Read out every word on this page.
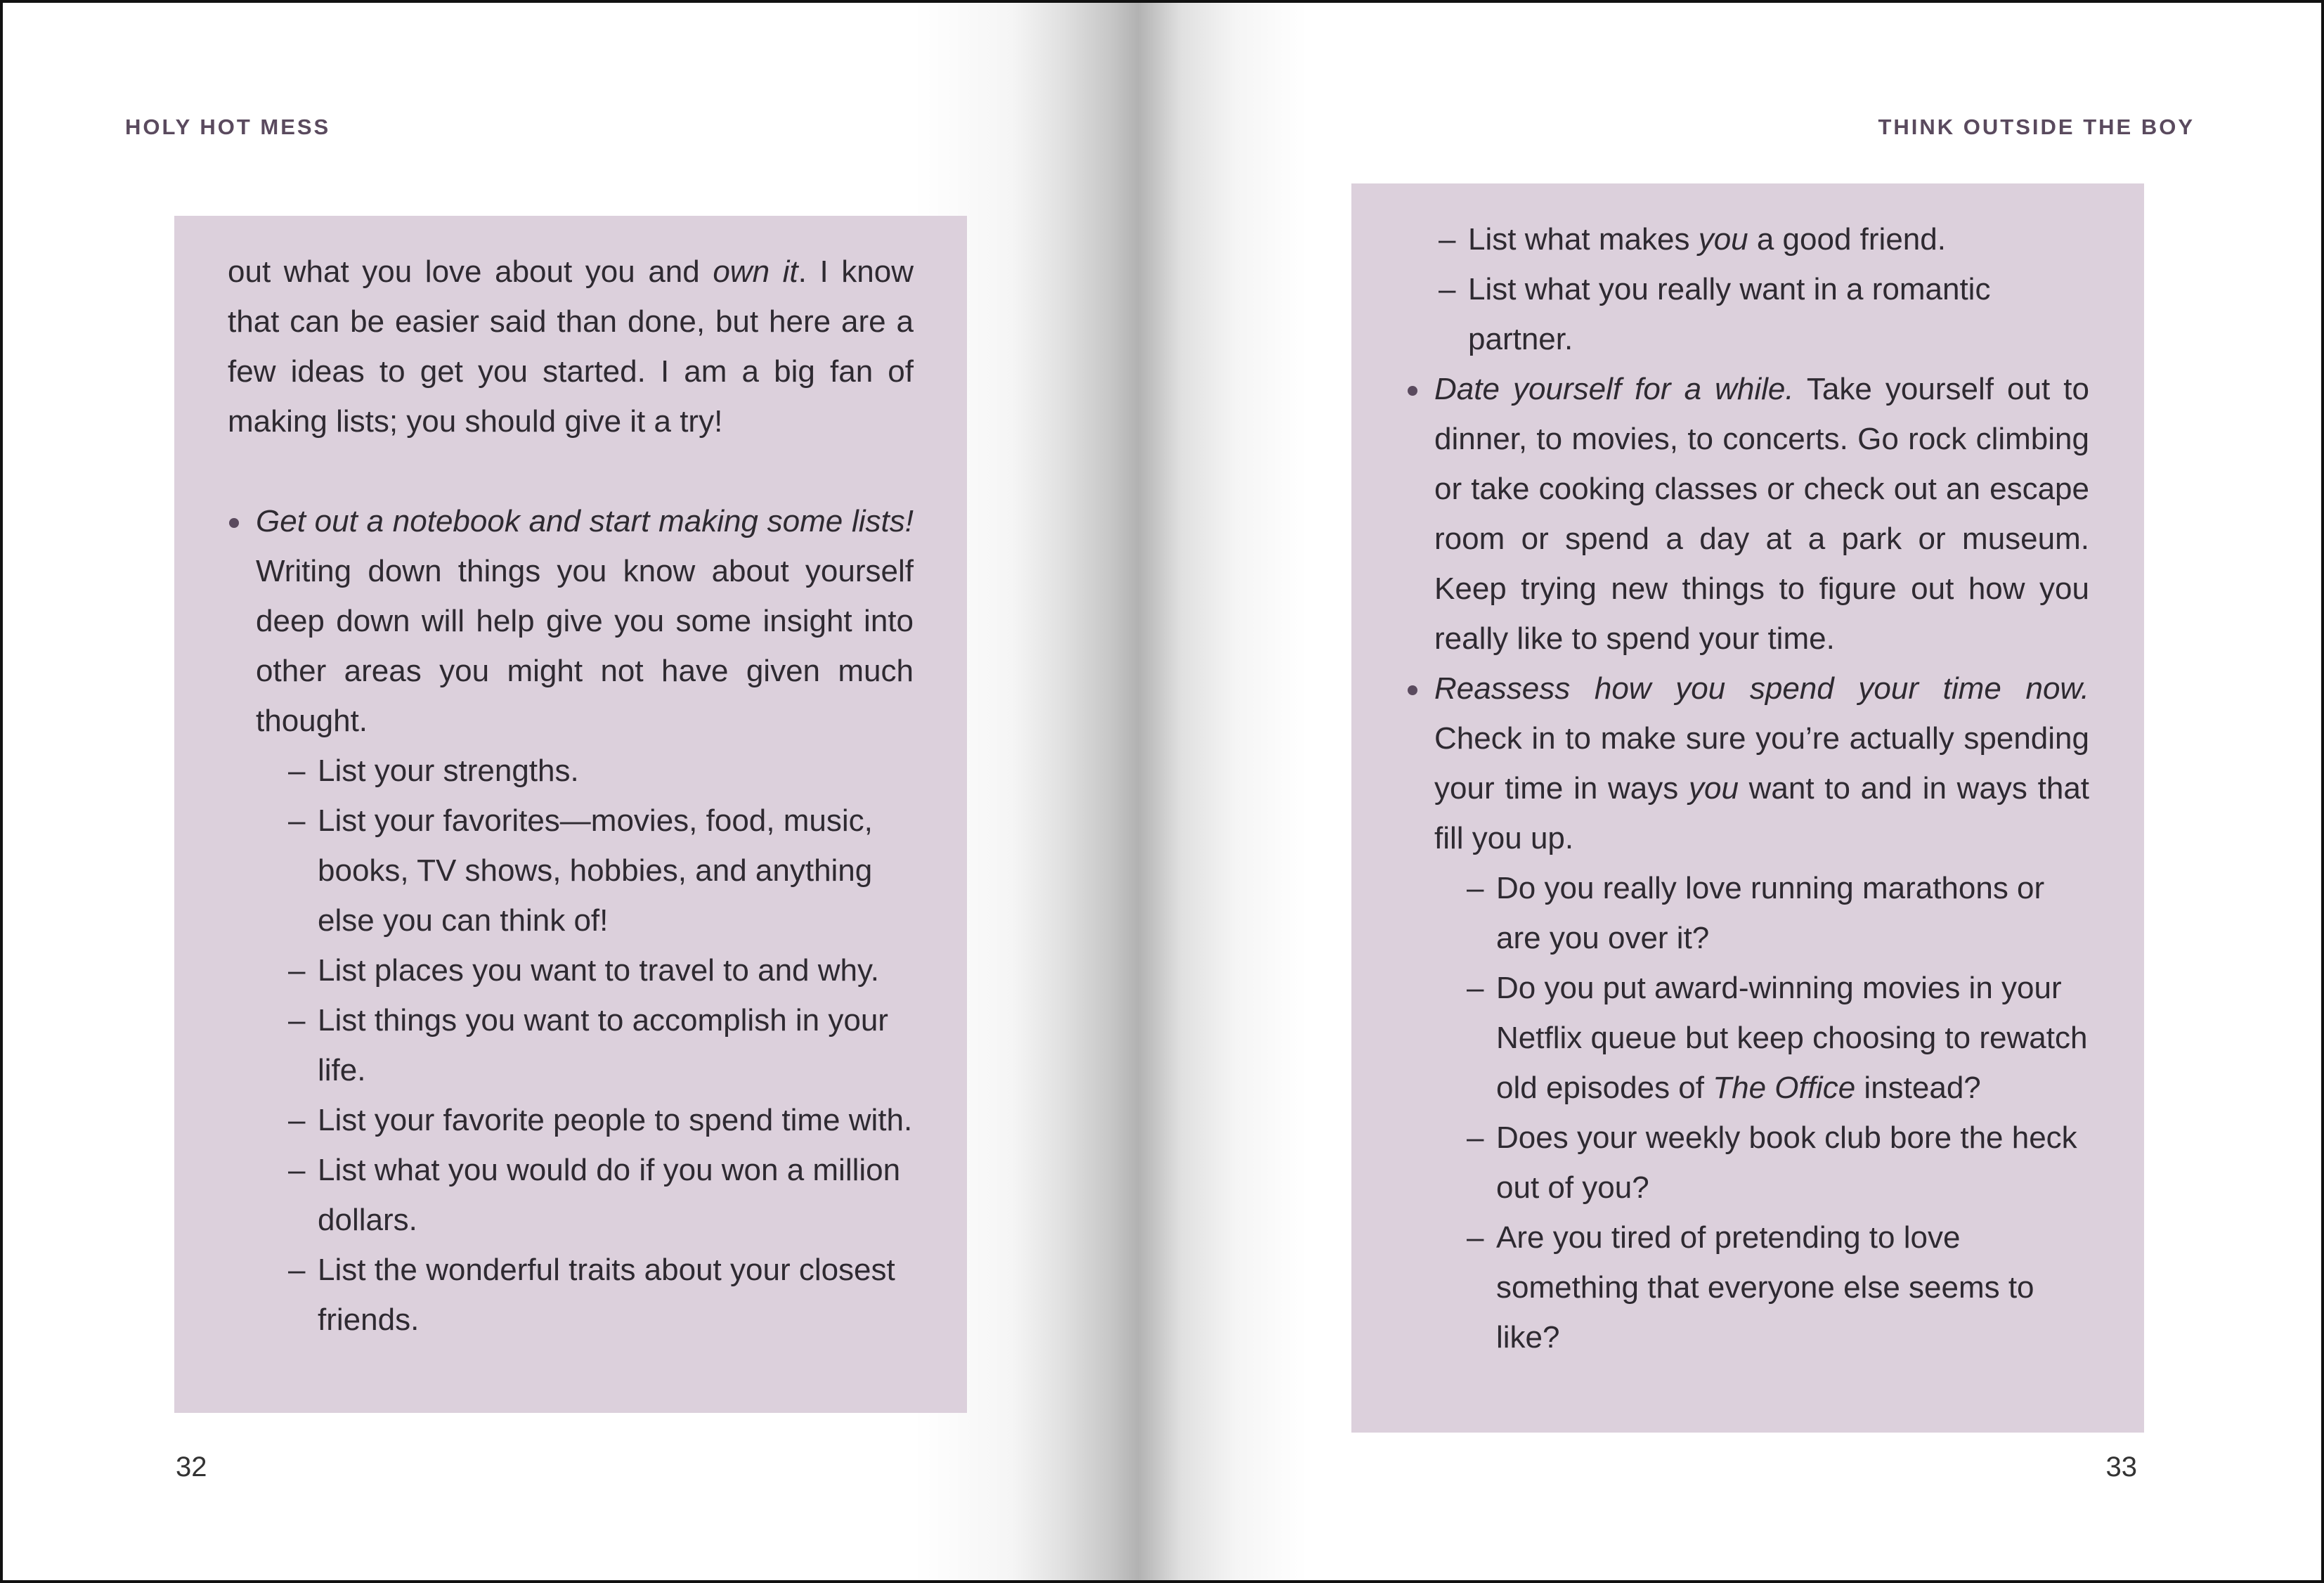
HOLY HOT MESS

out what you love about you and own it. I know that can be easier said than done, but here are a few ideas to get you started. I am a big fan of making lists; you should give it a try!

Get out a notebook and start making some lists! Writing down things you know about yourself deep down will help give you some insight into other areas you might not have given much thought.
– List your strengths.
– List your favorites—movies, food, music, books, TV shows, hobbies, and anything else you can think of!
– List places you want to travel to and why.
– List things you want to accomplish in your life.
– List your favorite people to spend time with.
– List what you would do if you won a million dollars.
– List the wonderful traits about your closest friends.
32
THINK OUTSIDE THE BOY
– List what makes you a good friend.
– List what you really want in a romantic partner.
Date yourself for a while. Take yourself out to dinner, to movies, to concerts. Go rock climbing or take cooking classes or check out an escape room or spend a day at a park or museum. Keep trying new things to figure out how you really like to spend your time.
Reassess how you spend your time now. Check in to make sure you’re actually spending your time in ways you want to and in ways that fill you up.
– Do you really love running marathons or are you over it?
– Do you put award-winning movies in your Netflix queue but keep choosing to rewatch old episodes of The Office instead?
– Does your weekly book club bore the heck out of you?
– Are you tired of pretending to love something that everyone else seems to like?
33
